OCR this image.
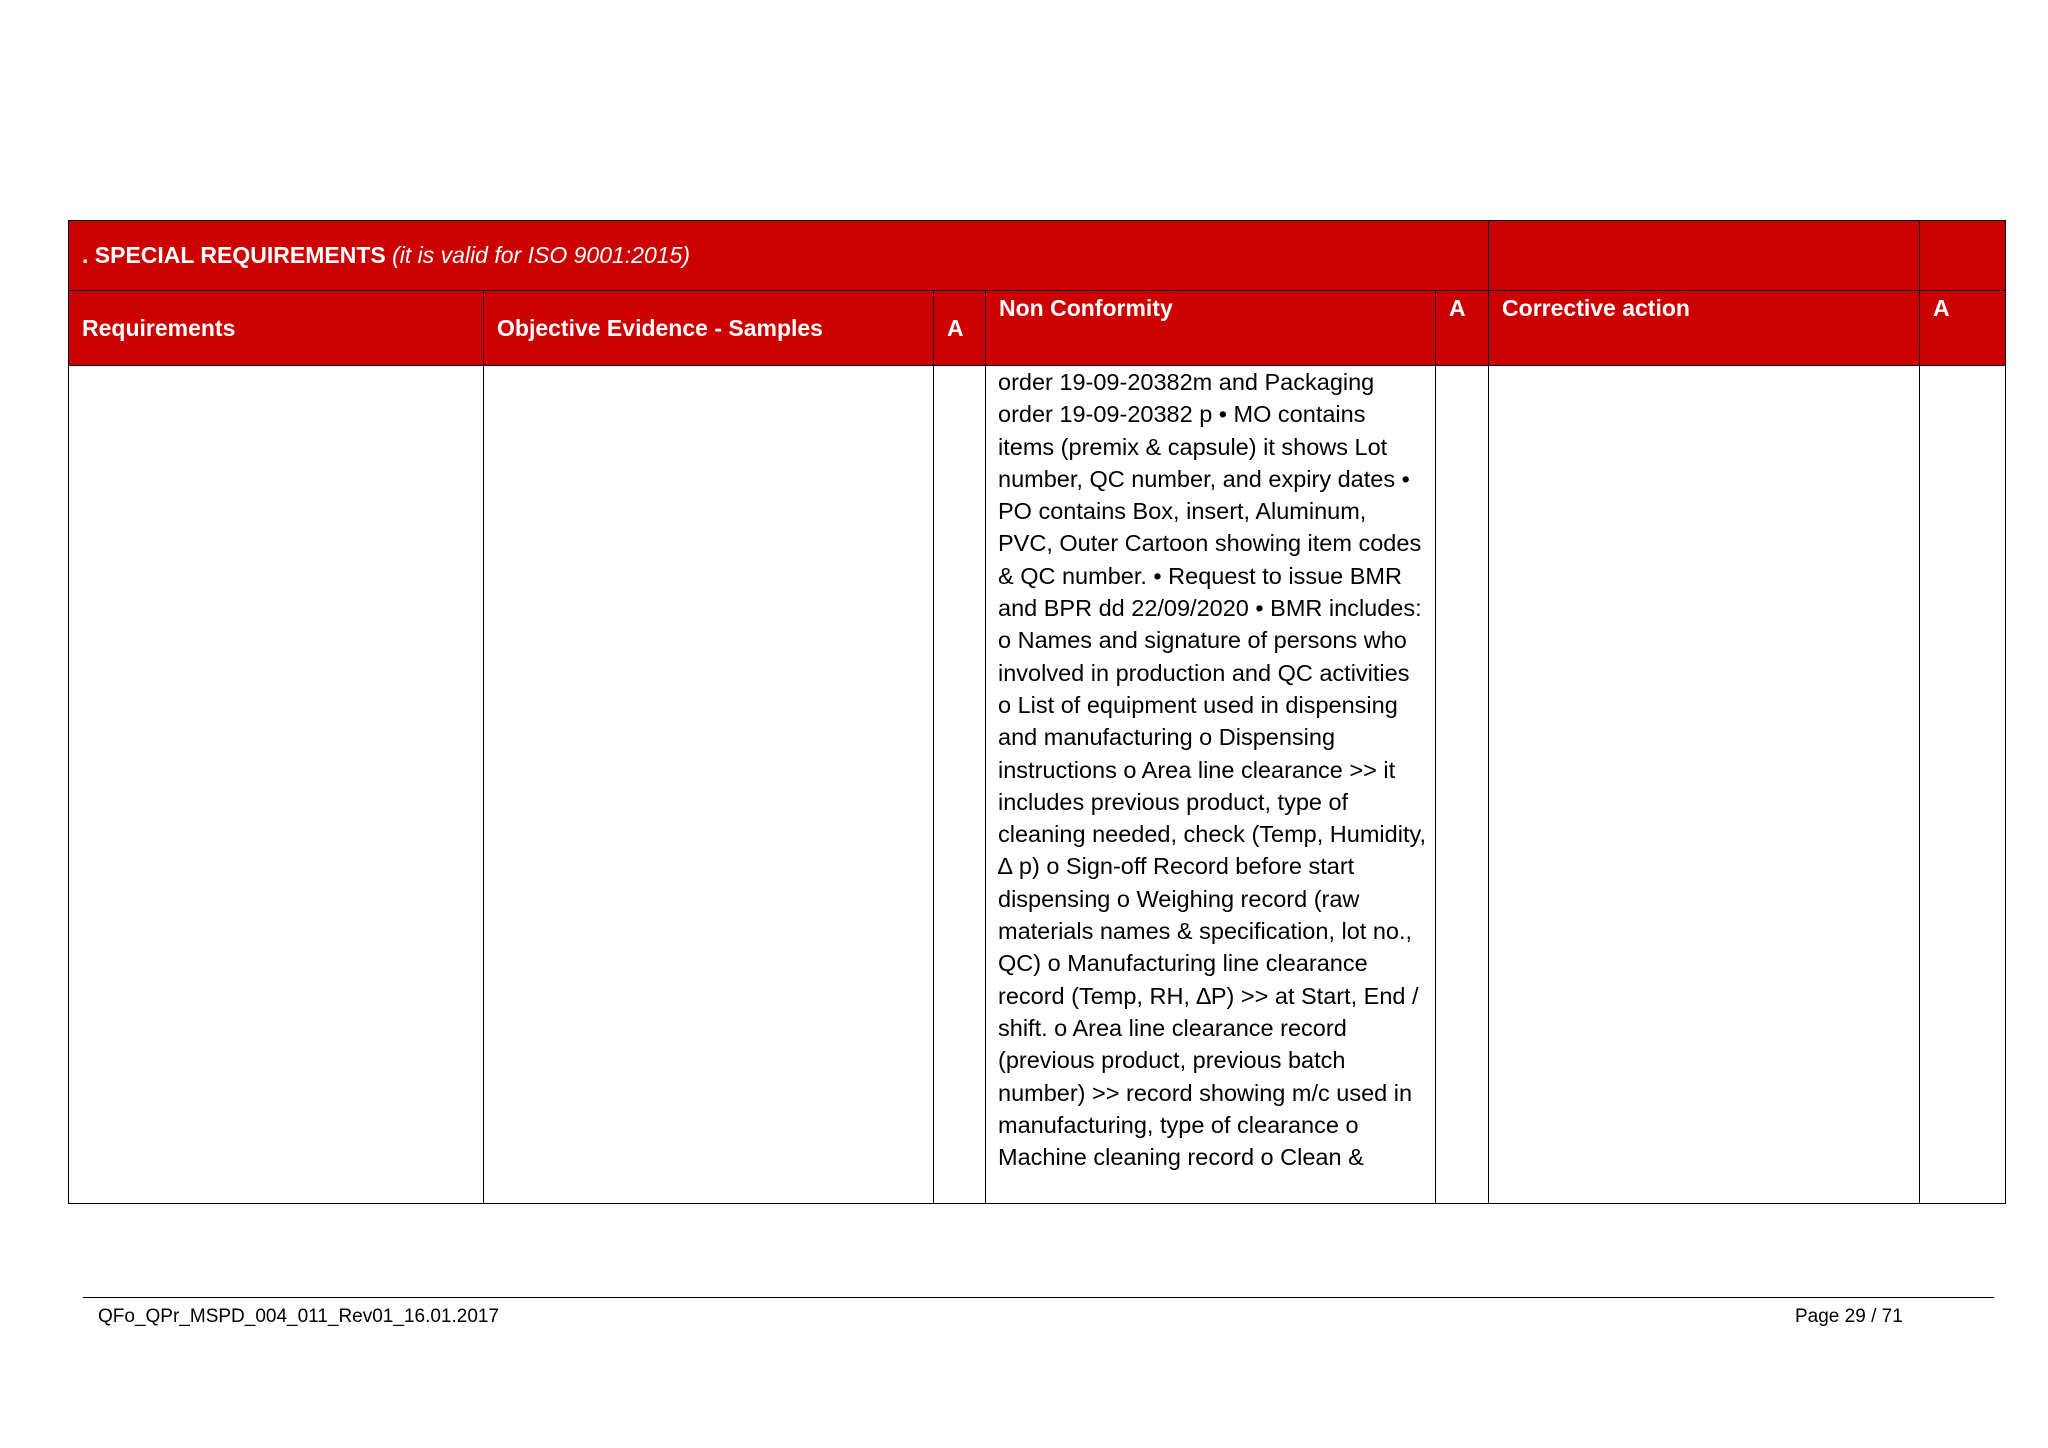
. SPECIAL REQUIREMENTS (it is valid for ISO 9001:2015)						
Requirements	Objective Evidence - Samples	A	Non Conformity	A	Corrective action	A
			order 19-09-20382m and Packaging order 19-09-20382 p • MO contains items (premix & capsule) it shows Lot number, QC number, and expiry dates • PO contains Box, insert, Aluminum, PVC, Outer Cartoon showing item codes & QC number. • Request to issue BMR and BPR dd 22/09/2020 • BMR includes: o Names and signature of persons who involved in production and QC activities o List of equipment used in dispensing and manufacturing o Dispensing instructions o Area line clearance >> it includes previous product, type of cleaning needed, check (Temp, Humidity, ∆ p) o Sign-off Record before start dispensing o Weighing record (raw materials names & specification, lot no., QC) o Manufacturing line clearance record (Temp, RH, ∆P) >> at Start, End / shift. o Area line clearance record (previous product, previous batch number) >> record showing m/c used in manufacturing, type of clearance o Machine cleaning record o Clean &			
QFo_QPr_MSPD_004_011_Rev01_16.01.2017	Page 29 / 71
